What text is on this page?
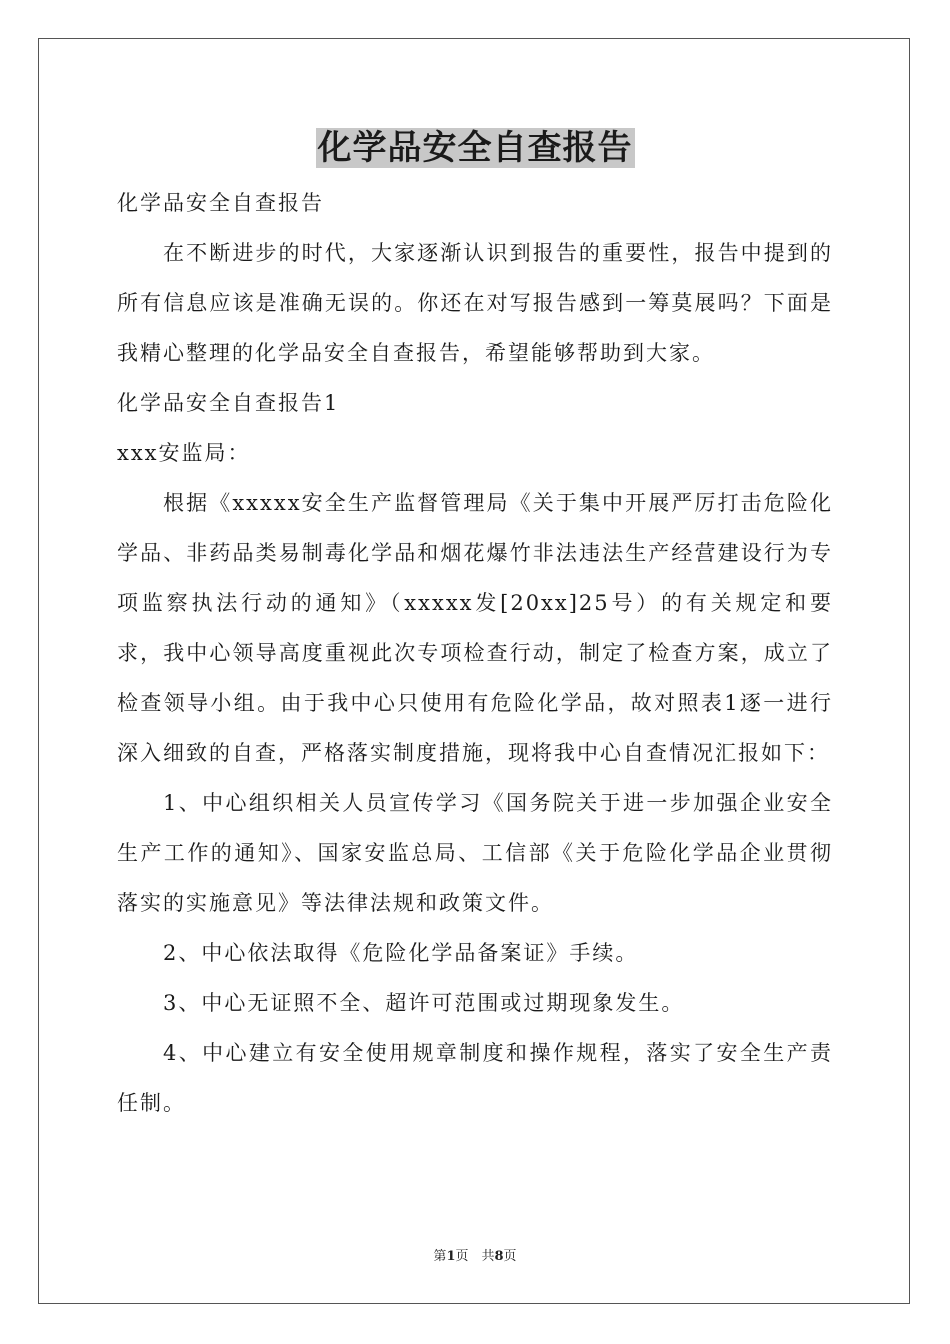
化学品安全自查报告

化学品安全自查报告

在不断进步的时代，大家逐渐认识到报告的重要性，报告中提到的所有信息应该是准确无误的。你还在对写报告感到一筹莫展吗？下面是我精心整理的化学品安全自查报告，希望能够帮助到大家。

化学品安全自查报告1

xxx安监局：

根据《xxxxx安全生产监督管理局《关于集中开展严厉打击危险化学品、非药品类易制毒化学品和烟花爆竹非法违法生产经营建设行为专项监察执法行动的通知》（xxxxx发[20xx]25号）的有关规定和要求，我中心领导高度重视此次专项检查行动，制定了检查方案，成立了检查领导小组。由于我中心只使用有危险化学品，故对照表1逐一进行深入细致的自查，严格落实制度措施，现将我中心自查情况汇报如下：

1、中心组织相关人员宣传学习《国务院关于进一步加强企业安全生产工作的通知》、国家安监总局、工信部《关于危险化学品企业贯彻落实的实施意见》等法律法规和政策文件。

2、中心依法取得《危险化学品备案证》手续。

3、中心无证照不全、超许可范围或过期现象发生。

4、中心建立有安全使用规章制度和操作规程，落实了安全生产责任制。

第1页　共8页
